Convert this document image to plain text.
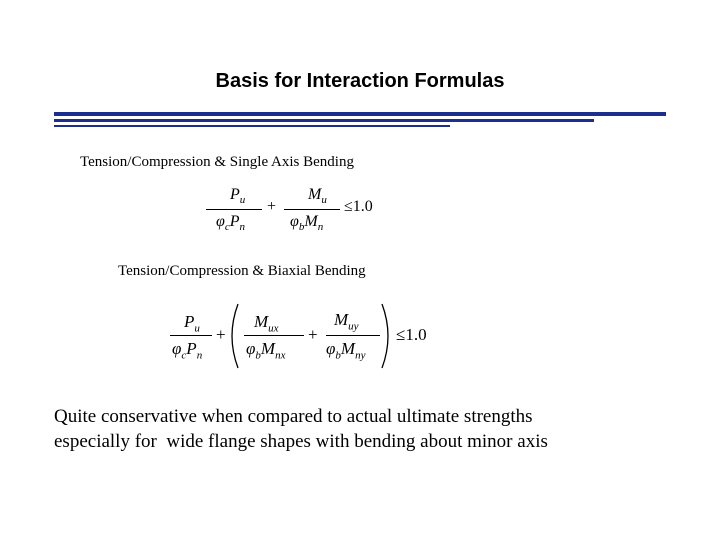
Basis for Interaction Formulas
Tension/Compression & Single Axis Bending
$P_u$
$\varphi_cP_n$
+
$M_u$
$\varphi_bM_n$
≤1.0
Tension/Compression & Biaxial Bending
$P_u$
$\varphi_cP_n$
+
$M_{ux}$
$\varphi_bM_{nx}$
+
$M_{uy}$
$\varphi_bM_{ny}$
≤1.0
Quite conservative when compared to actual ultimate strengths
especially for  wide flange shapes with bending about minor axis
